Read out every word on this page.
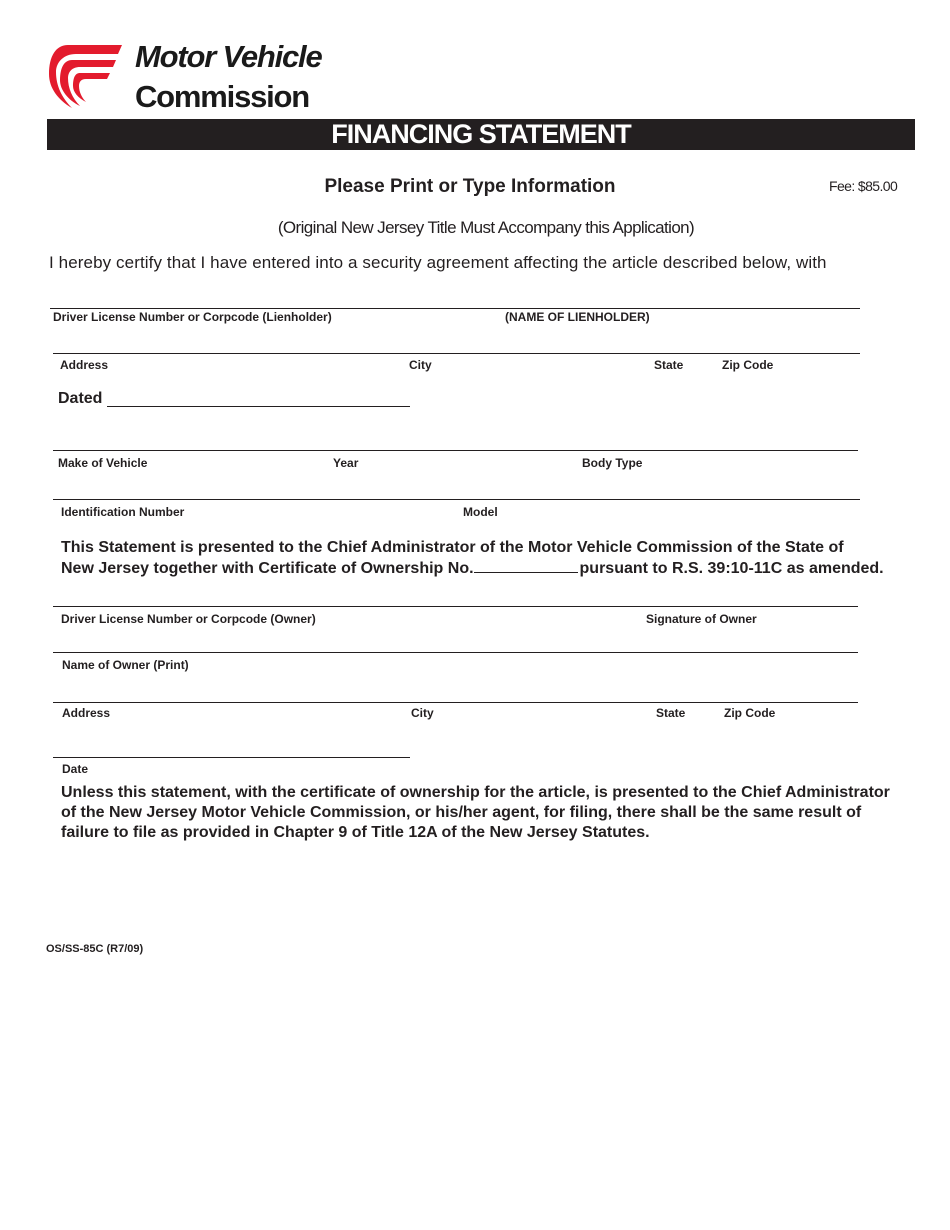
Motor Vehicle
Commission
FINANCING STATEMENT
Please Print or Type Information	Fee: $85.00
(Original New Jersey Title Must Accompany this Application)
I hereby certify that I have entered into a security agreement affecting the article described below, with
Driver License Number or Corpcode (Lienholder)	(NAME OF LIENHOLDER)
Address	City	State	Zip Code
Dated
Make of Vehicle	Year	Body Type
Identification Number	Model
This Statement is presented to the Chief Administrator of the Motor Vehicle Commission of the State of
New Jersey together with Certificate of Ownership No.	pursuant to R.S. 39:10-11C as amended.
Driver License Number or Corpcode (Owner)	Signature of Owner
Name of Owner (Print)
Address	City	State	Zip Code
Date
Unless this statement, with the certificate of ownership for the article, is presented to the Chief Administrator
of the New Jersey Motor Vehicle Commission, or his/her agent, for filing, there shall be the same result of
failure to file as provided in Chapter 9 of Title 12A of the New Jersey Statutes.
OS/SS-85C (R7/09)
